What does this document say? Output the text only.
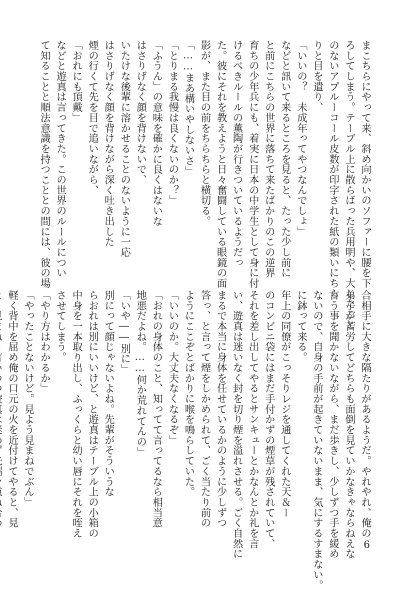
まこちらにやって来、斜め向かいのソファーに腰を下

ろしてしまう。テーブル上に散らばった兵用明や、大したこと

のないアプルーコール皮数が印字された紙の類いにちら

りと目を遣り、

「いいの？　未成年ってやつなんでしょ」

などと訊いて来るところを見ると、たった少し前に

と前にこちらの世界に落ちて来たばかりのこの逆界

育ちの少年兵にも、着実に日本の中学生として身に付

けるべきルールの薫陶が行きついているようだっ

た。彼にそれを教えようと日々奮闘している眼鏡の面

影が、また目の前をちらちらと横切る。

「……まあ構いやしないさ」

「とりまる我慢は良くないのか？」

「ふうん」の意味を確かに良くはないな

はさりげなく顔を背けないで、

いたけな後輩に溶かせることのないように一応

はさりげなく顔を背けながら深く吐き出した

煙の行くて先を目で追いながら、

「おれにも頂戴」

などと遊真は言ってきた。この世界のルールについ

て知ることと順法意識を持つこととの間には、彼の場

合相手に大きな隔たりがあるようだ。やれやれ、俺の

弟子が苦労してどちらも面倒を見ていかなきゃならねえな

言う事を聞かないながら、まだ歩きし、少しずつ手を緩め

ないので、自身の手前が起きていないまま、気にするすまない。

に鉢って来る。

年上の同僚がこっそりレジを通してくれた天＆ー

のコンビニ袋にはまだ手付かずの煙草が残されていて、

それを差し出してやるとサンキューとかなんとか礼を言

い、遊真は迷いなく封を切り煙を溢れさせる。ごく自然に

まるで本当に身体を任せているかのように少しずつ

答っ、と言って煙をしかめられて、ごく当たり前の

ようにここぞとばかりに喉を鳴らしていた。

「いいのか。大丈夫なくなるぞ」

「おれの身体のこと、知ってて言ってるなら相当意

地悪だよね。……何か荒れてんの」

「いや――別に」

別にって顔じゃないよね。先輩がそういうな

らおれは別にいいけど、と遊真はテーブル上の小箱の

中身を一本取り出し、ふっくらと幼い唇にそれを咥え

させてしまう。

「やり方はわかるか」

「やったことないけど。見よう見まねでぶん」

軽く背中を屈め俺の口元の火を近付けてやると、見

6
